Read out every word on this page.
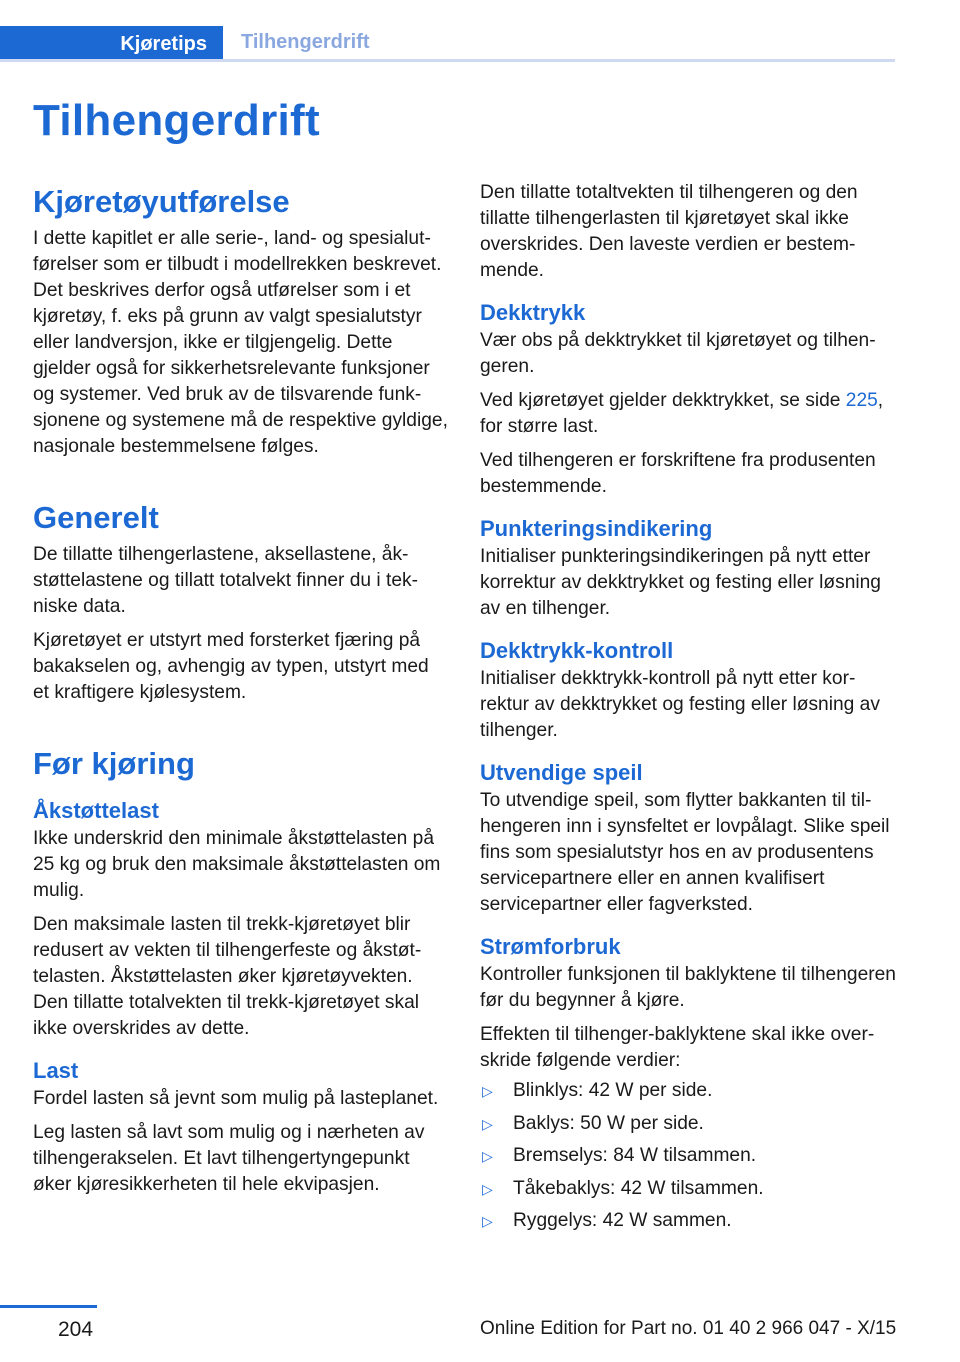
Kjøretips	Tilhengerdrift
Tilhengerdrift
Kjøretøyutførelse

I dette kapitlet er alle serie-, land- og spesialutførelser som er tilbudt i modellrekken beskrevet. Det beskrives derfor også utførelser som i et kjøretøy, f. eks på grunn av valgt spesialutstyr eller landversjon, ikke er tilgjengelig. Dette gjelder også for sikkerhetsrelevante funksjoner og systemer. Ved bruk av de tilsvarende funksjonene og systemene må de respektive gyldige, nasjonale bestemmelsene følges.

Generelt

De tillatte tilhengerlastene, aksellastene, åkstøttelastene og tillatt totalvekt finner du i tekniske data.

Kjøretøyet er utstyrt med forsterket fjæring på bakakselen og, avhengig av typen, utstyrt med et kraftigere kjølesystem.

Før kjøring
Åkstøttelast

Ikke underskrid den minimale åkstøttelasten på 25 kg og bruk den maksimale åkstøttelasten om mulig.

Den maksimale lasten til trekk-kjøretøyet blir redusert av vekten til tilhengerfeste og åkstøttelasten. Åkstøttelasten øker kjøretøyvekten. Den tillatte totalvekten til trekk-kjøretøyet skal ikke overskrides av dette.

Last

Fordel lasten så jevnt som mulig på lasteplanet.

Leg lasten så lavt som mulig og i nærheten av tilhengerakselen. Et lavt tilhengertyngepunkt øker kjøresikkerheten til hele ekvipasjen.

Den tillatte totaltvekten til tilhengeren og den tillatte tilhengerlasten til kjøretøyet skal ikke overskrides. Den laveste verdien er bestemmende.

Dekktrykk

Vær obs på dekktrykket til kjøretøyet og tilhengeren.

Ved kjøretøyet gjelder dekktrykket, se side 225, for større last.

Ved tilhengeren er forskriftene fra produsenten bestemmende.

Punkteringsindikering

Initialiser punkteringsindikeringen på nytt etter korrektur av dekktrykket og festing eller løsning av en tilhenger.

Dekktrykk-kontroll

Initialiser dekktrykk-kontroll på nytt etter korrektur av dekktrykket og festing eller løsning av tilhenger.

Utvendige speil

To utvendige speil, som flytter bakkanten til tilhengeren inn i synsfeltet er lovpålagt. Slike speil fins som spesialutstyr hos en av produsentens servicepartnere eller en annen kvalifisert servicepartner eller fagverksted.

Strømforbruk

Kontroller funksjonen til baklyktene til tilhengeren før du begynner å kjøre.

Effekten til tilhenger-baklyktene skal ikke overskride følgende verdier:

▷ Blinklys: 42 W per side.
▷ Baklys: 50 W per side.
▷ Bremselys: 84 W tilsammen.
▷ Tåkebaklys: 42 W tilsammen.
▷ Ryggelys: 42 W sammen.
204	Online Edition for Part no. 01 40 2 966 047 - X/15
